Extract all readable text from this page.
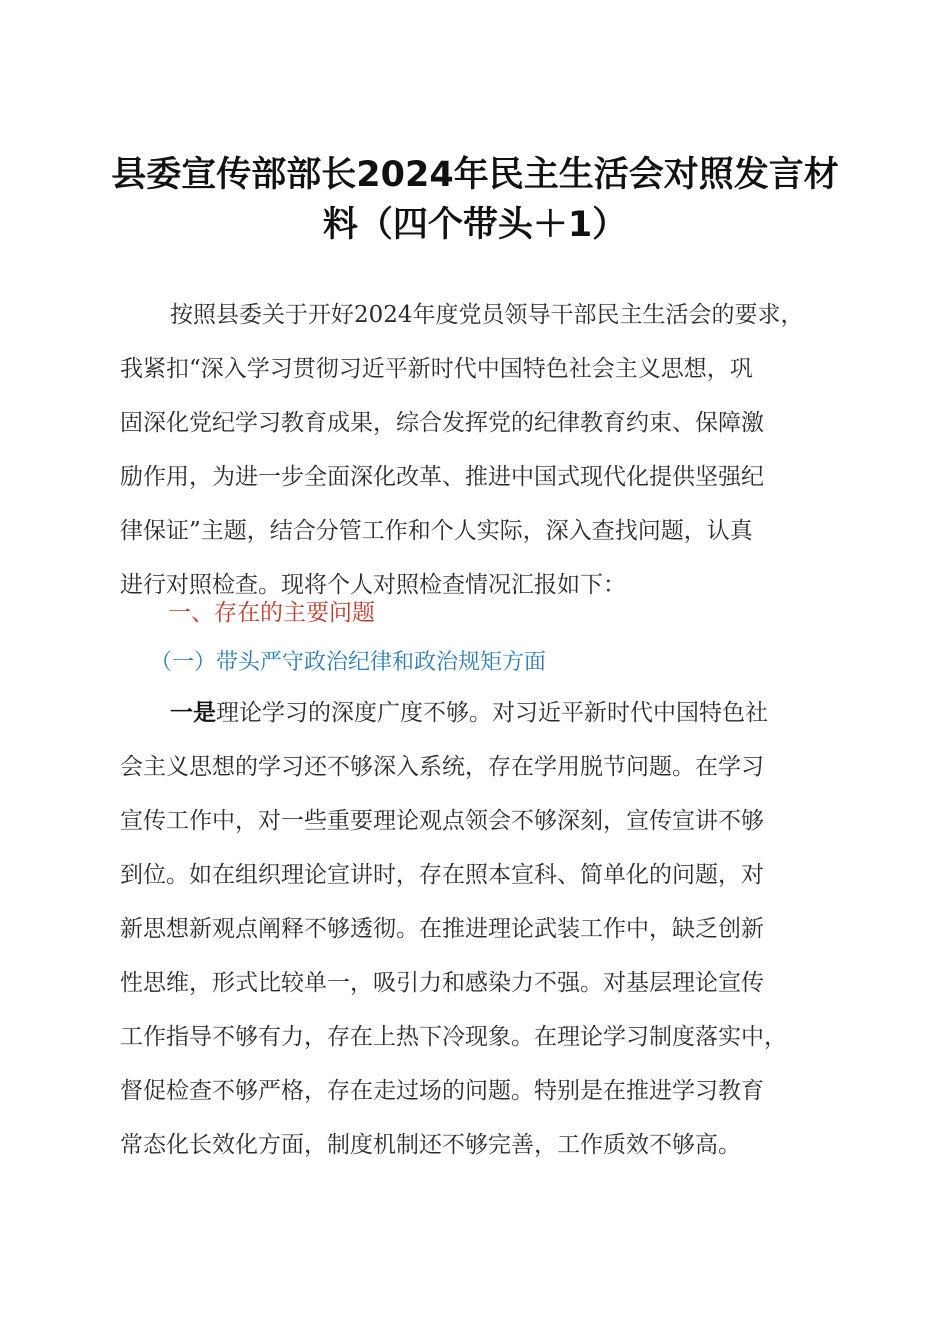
县委宣传部部长2024年民主生活会对照发言材
料（四个带头＋1）
按照县委关于开好2024年度党员领导干部民主生活会的要求，
我紧扣“深入学习贯彻习近平新时代中国特色社会主义思想，巩
固深化党纪学习教育成果，综合发挥党的纪律教育约束、保障激
励作用，为进一步全面深化改革、推进中国式现代化提供坚强纪
律保证”主题，结合分管工作和个人实际，深入查找问题，认真
进行对照检查。现将个人对照检查情况汇报如下：
一、存在的主要问题
（一）带头严守政治纪律和政治规矩方面
一是理论学习的深度广度不够。对习近平新时代中国特色社
会主义思想的学习还不够深入系统，存在学用脱节问题。在学习
宣传工作中，对一些重要理论观点领会不够深刻，宣传宣讲不够
到位。如在组织理论宣讲时，存在照本宣科、简单化的问题，对
新思想新观点阐释不够透彻。在推进理论武装工作中，缺乏创新
性思维，形式比较单一，吸引力和感染力不强。对基层理论宣传
工作指导不够有力，存在上热下冷现象。在理论学习制度落实中，
督促检查不够严格，存在走过场的问题。特别是在推进学习教育
常态化长效化方面，制度机制还不够完善，工作质效不够高。
